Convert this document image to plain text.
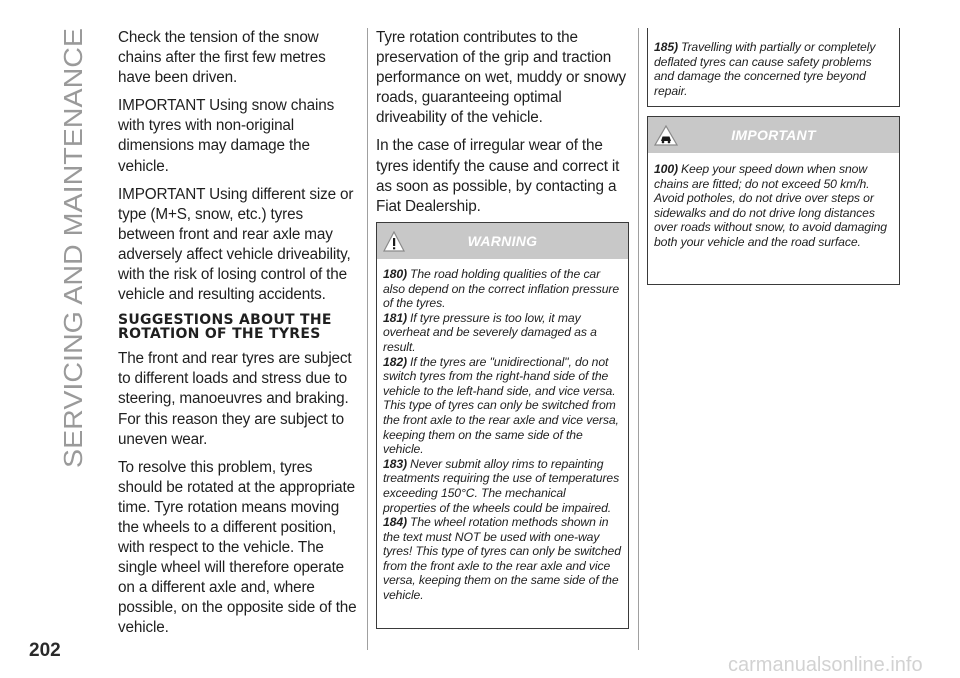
SERVICING AND MAINTENANCE

Check the tension of the snow chains after the first few metres have been driven.

IMPORTANT Using snow chains with tyres with non-original dimensions may damage the vehicle.

IMPORTANT Using different size or type (M+S, snow, etc.) tyres between front and rear axle may adversely affect vehicle driveability, with the risk of losing control of the vehicle and resulting accidents.

SUGGESTIONS ABOUT THE ROTATION OF THE TYRES

The front and rear tyres are subject to different loads and stress due to steering, manoeuvres and braking. For this reason they are subject to uneven wear.

To resolve this problem, tyres should be rotated at the appropriate time. Tyre rotation means moving the wheels to a different position, with respect to the vehicle. The single wheel will therefore operate on a different axle and, where possible, on the opposite side of the vehicle.

Tyre rotation contributes to the preservation of the grip and traction performance on wet, muddy or snowy roads, guaranteeing optimal driveability of the vehicle.

In the case of irregular wear of the tyres identify the cause and correct it as soon as possible, by contacting a Fiat Dealership.

WARNING

180) The road holding qualities of the car also depend on the correct inflation pressure of the tyres.

181) If tyre pressure is too low, it may overheat and be severely damaged as a result.

182) If the tyres are "unidirectional", do not switch tyres from the right-hand side of the vehicle to the left-hand side, and vice versa. This type of tyres can only be switched from the front axle to the rear axle and vice versa, keeping them on the same side of the vehicle.

183) Never submit alloy rims to repainting treatments requiring the use of temperatures exceeding 150°C. The mechanical properties of the wheels could be impaired.

184) The wheel rotation methods shown in the text must NOT be used with one-way tyres! This type of tyres can only be switched from the front axle to the rear axle and vice versa, keeping them on the same side of the vehicle.

185) Travelling with partially or completely deflated tyres can cause safety problems and damage the concerned tyre beyond repair.

IMPORTANT

100) Keep your speed down when snow chains are fitted; do not exceed 50 km/h. Avoid potholes, do not drive over steps or sidewalks and do not drive long distances over roads without snow, to avoid damaging both your vehicle and the road surface.

202
carmanualsonline.info
